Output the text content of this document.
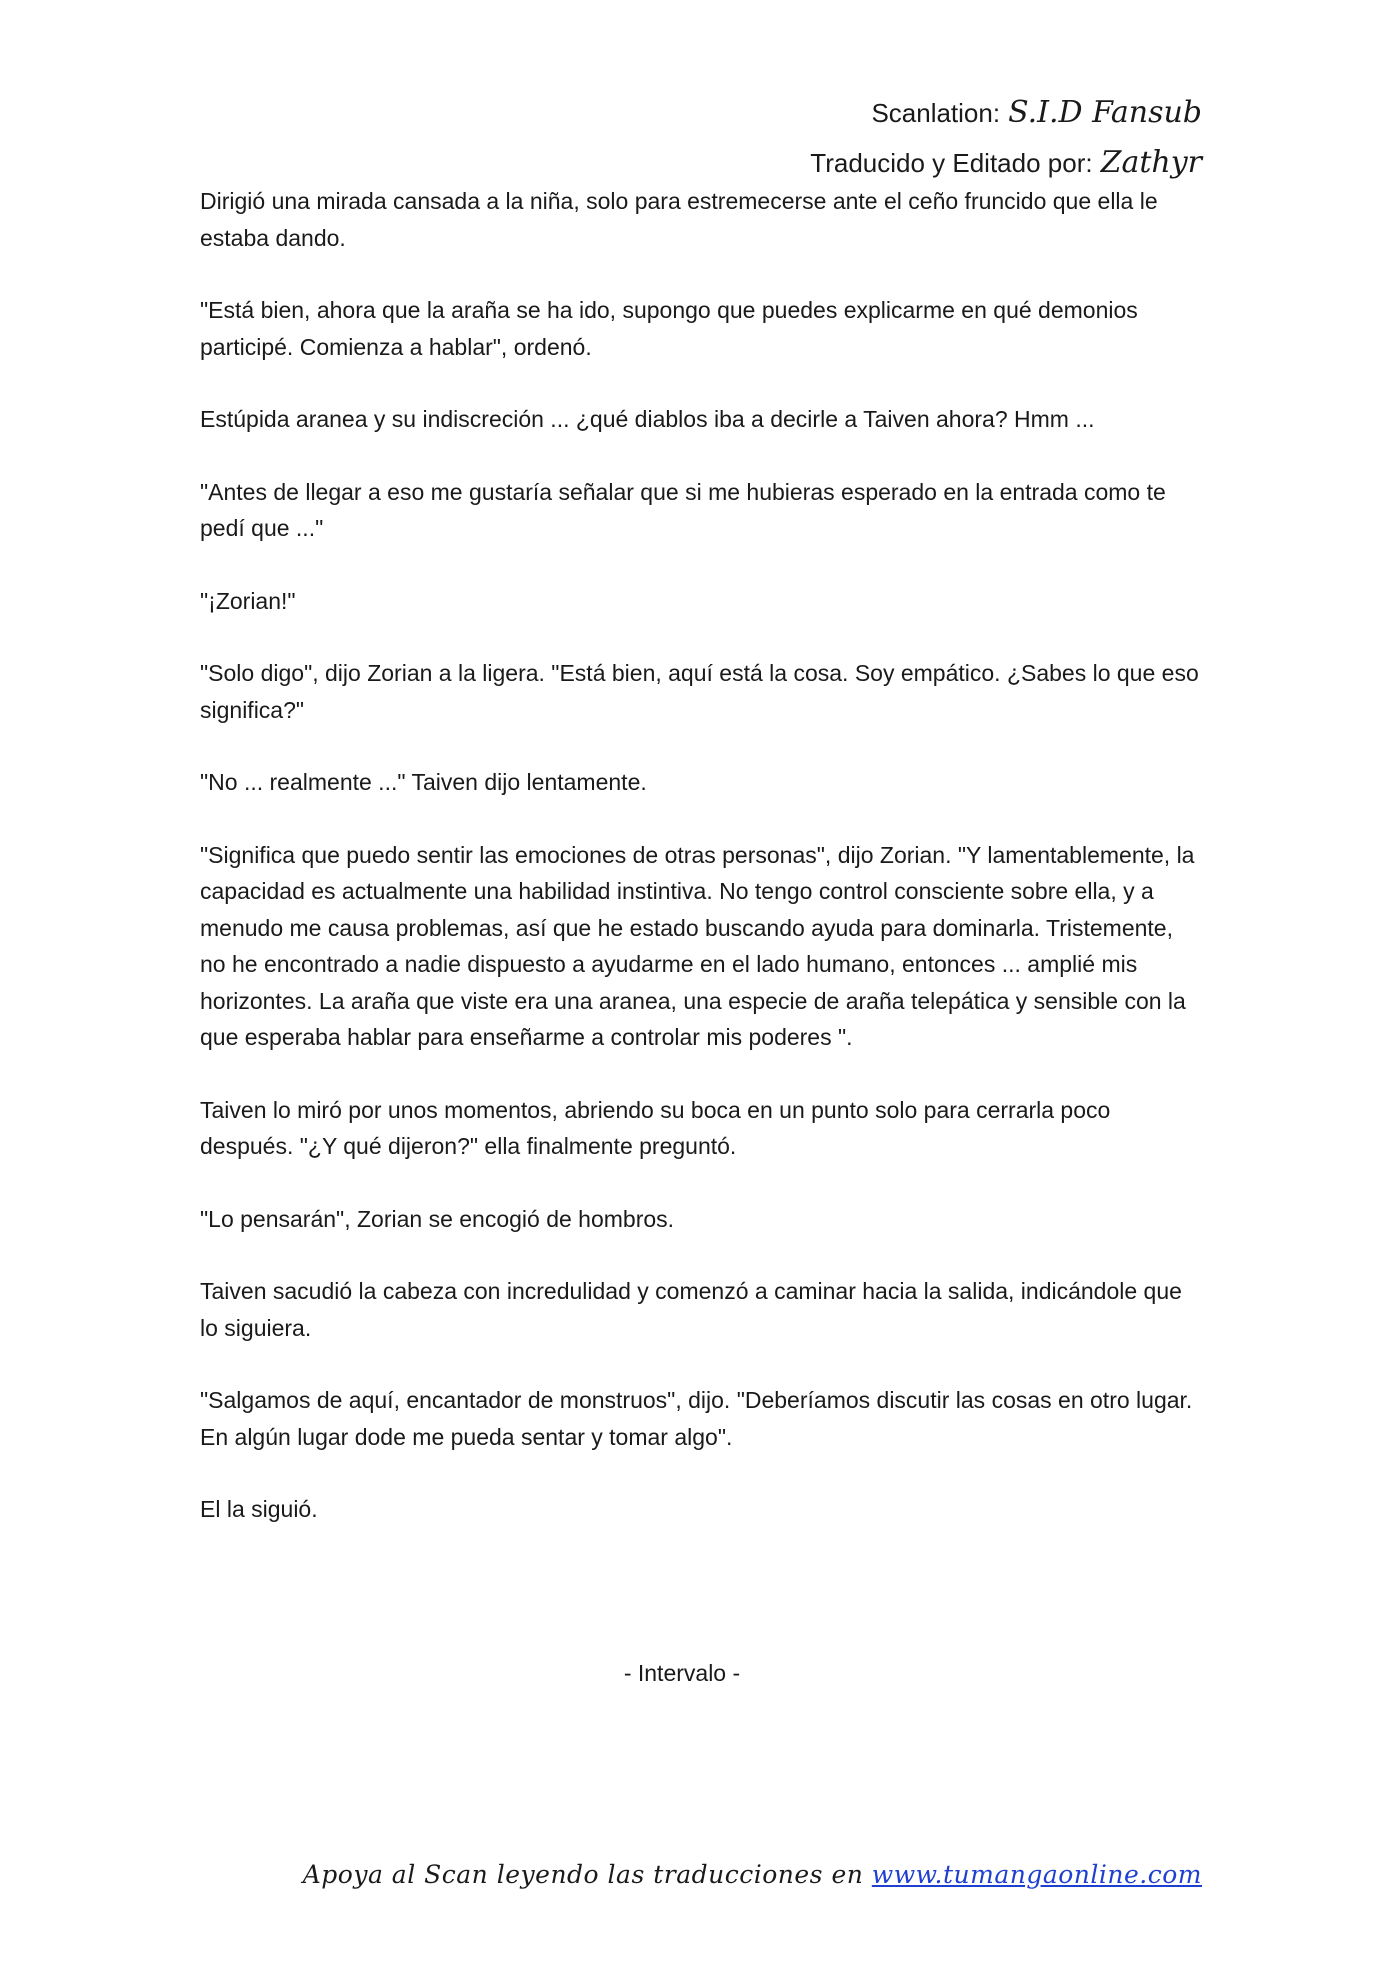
Scanlation: S.I.D Fansub
Traducido y Editado por: Zathyr

Dirigió una mirada cansada a la niña, solo para estremecerse ante el ceño fruncido que ella le estaba dando.

"Está bien, ahora que la araña se ha ido, supongo que puedes explicarme en qué demonios participé. Comienza a hablar", ordenó.

Estúpida aranea y su indiscreción ... ¿qué diablos iba a decirle a Taiven ahora? Hmm ...

"Antes de llegar a eso me gustaría señalar que si me hubieras esperado en la entrada como te pedí que ..."

"¡Zorian!"

"Solo digo", dijo Zorian a la ligera. "Está bien, aquí está la cosa. Soy empático. ¿Sabes lo que eso significa?"

"No ... realmente ..." Taiven dijo lentamente.

"Significa que puedo sentir las emociones de otras personas", dijo Zorian. "Y lamentablemente, la capacidad es actualmente una habilidad instintiva. No tengo control consciente sobre ella, y a menudo me causa problemas, así que he estado buscando ayuda para dominarla. Tristemente, no he encontrado a nadie dispuesto a ayudarme en el lado humano, entonces ... amplié mis horizontes. La araña que viste era una aranea, una especie de araña telepática y sensible con la que esperaba hablar para enseñarme a controlar mis poderes ".

Taiven lo miró por unos momentos, abriendo su boca en un punto solo para cerrarla poco después. "¿Y qué dijeron?" ella finalmente preguntó.

"Lo pensarán", Zorian se encogió de hombros.

Taiven sacudió la cabeza con incredulidad y comenzó a caminar hacia la salida, indicándole que lo siguiera.

"Salgamos de aquí, encantador de monstruos", dijo. "Deberíamos discutir las cosas en otro lugar. En algún lugar dode me pueda sentar y tomar algo".

El la siguió.

- Intervalo -
Apoya al Scan leyendo las traducciones en www.tumangaonline.com
